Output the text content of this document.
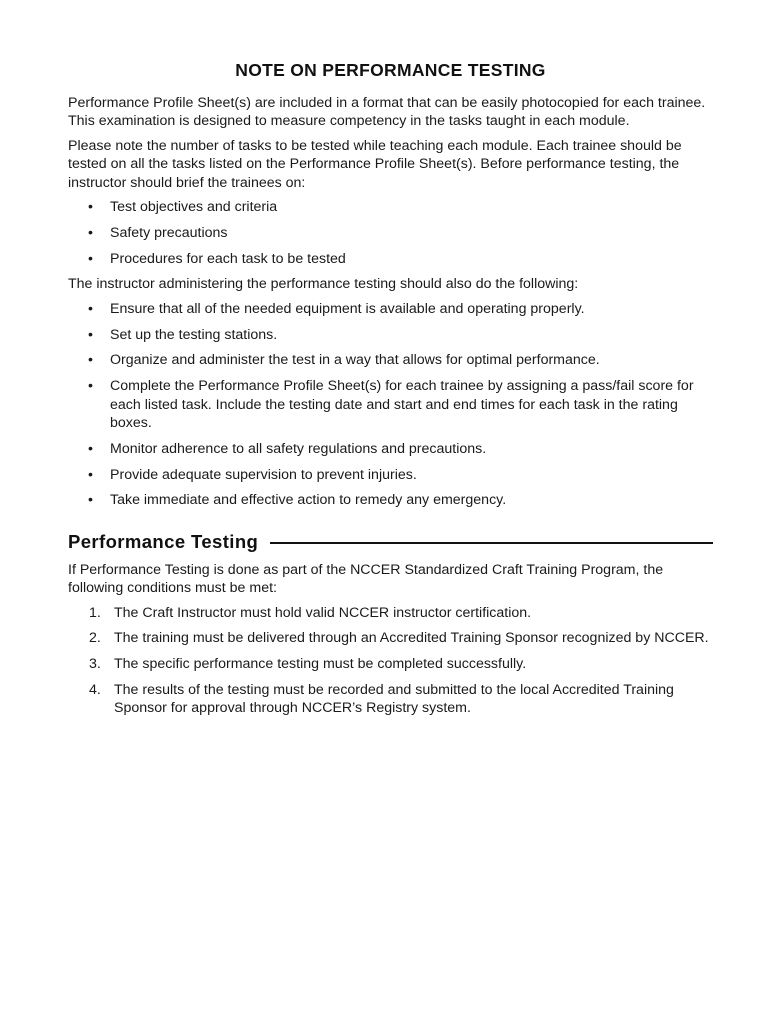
NOTE ON PERFORMANCE TESTING

Performance Profile Sheet(s) are included in a format that can be easily photocopied for each trainee. This examination is designed to measure competency in the tasks taught in each module.

Please note the number of tasks to be tested while teaching each module. Each trainee should be tested on all the tasks listed on the Performance Profile Sheet(s). Before performance testing, the instructor should brief the trainees on:

• Test objectives and criteria
• Safety precautions
• Procedures for each task to be tested

The instructor administering the performance testing should also do the following:

• Ensure that all of the needed equipment is available and operating properly.
• Set up the testing stations.
• Organize and administer the test in a way that allows for optimal performance.
• Complete the Performance Profile Sheet(s) for each trainee by assigning a pass/fail score for each listed task. Include the testing date and start and end times for each task in the rating boxes.
• Monitor adherence to all safety regulations and precautions.
• Provide adequate supervision to prevent injuries.
• Take immediate and effective action to remedy any emergency.
Performance Testing

If Performance Testing is done as part of the NCCER Standardized Craft Training Program, the following conditions must be met:

1. The Craft Instructor must hold valid NCCER instructor certification.
2. The training must be delivered through an Accredited Training Sponsor recognized by NCCER.
3. The specific performance testing must be completed successfully.
4. The results of the testing must be recorded and submitted to the local Accredited Training Sponsor for approval through NCCER’s Registry system.
